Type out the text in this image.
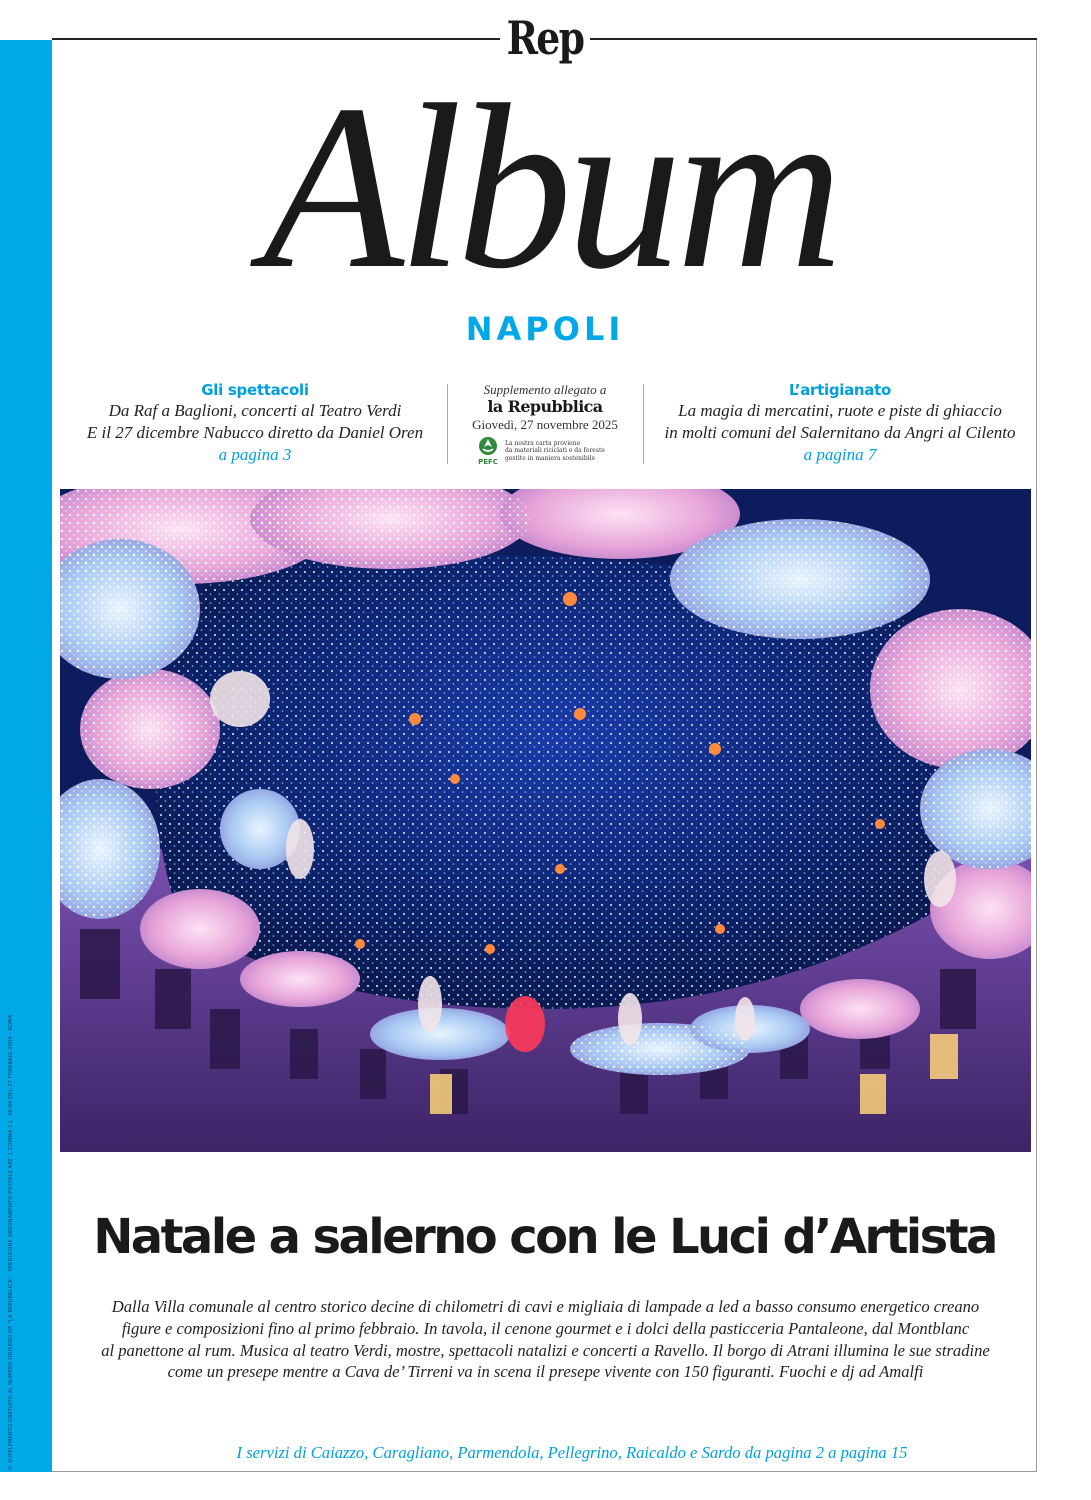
© SUPPLEMENTO GRATUITO AL NUMERO ODIERNO DE "LA REPUBBLICA" · SPEDIZIONE ABBONAMENTO POSTALE ART. 1 COMMA 1 L. 46/04 DEL 27 FEBBRAIO 2004 - ROMA
Rep
Album
NAPOLI
Gli spettacoli
Da Raf a Baglioni, concerti al Teatro Verdi
E il 27 dicembre Nabucco diretto da Daniel Oren
a pagina 3
Supplemento allegato a
la Repubblica
Giovedì, 27 novembre 2025
PEFC
La nostra carta proviene
da materiali riciclati e da foreste
gestite in maniera sostenibile
L’artigianato
La magia di mercatini, ruote e piste di ghiaccio
in molti comuni del Salernitano da Angri al Cilento
a pagina 7
Natale a salerno con le Luci d’Artista
Dalla Villa comunale al centro storico decine di chilometri di cavi e migliaia di lampade a led a basso consumo energetico creano
figure e composizioni fino al primo febbraio. In tavola, il cenone gourmet e i dolci della pasticceria Pantaleone, dal Montblanc
al panettone al rum. Musica al teatro Verdi, mostre, spettacoli natalizi e concerti a Ravello. Il borgo di Atrani illumina le sue stradine
come un presepe mentre a Cava de’ Tirreni va in scena il presepe vivente con 150 figuranti. Fuochi e dj ad Amalfi
I servizi di Caiazzo, Caragliano, Parmendola, Pellegrino, Raicaldo e Sardo da pagina 2 a pagina 15
